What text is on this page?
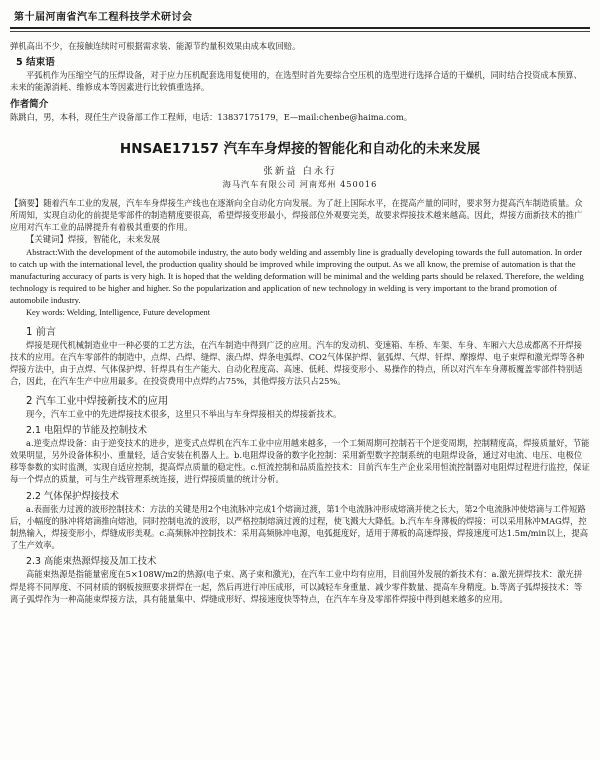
第十届河南省汽车工程科技学术研讨会

弹机高出不少，在接触连续时可根据需求装、能源节约量积效果由成本收回赔。

5 结束语

平弧机作为压缩空气的压焊设备，对于应力压机配套选用复使用的，在选型时首先要综合空压机的选型进行选择合适的干燥机，同时结合投资成本预算、未来的能源消耗、维修成本等因素进行比较慎重选择。

作者简介

陈跳白，男，本科，现任生产设备部工作工程师，电话：13837175179，E—mail:chenbe@haima.com。

HNSAE17157 汽车车身焊接的智能化和自动化的未来发展
张新益 白永行
海马汽车有限公司 河南郑州 450016

【摘要】随着汽车工业的发展，汽车车身焊接生产线也在逐渐向全自动化方向发展。为了赶上国际水平，在提高产量的同时，要求努力提高汽车制造质量。众所周知，实现自动化的前提是零部件的制造精度要很高，希望焊接变形最小，焊接部位外观要完美，故要求焊接技术越来越高。因此，焊接方面新技术的推广应用对汽车工业的品牌提升有着极其重要的作用。

【关键词】焊接，智能化，未来发展

Abstract:With the development of the automobile industry, the auto body welding and assembly line is gradually developing towards the full automation. In order to catch up with the international level, the production quality should be improved while improving the output. As we all know, the premise of automation is that the manufacturing accuracy of parts is very high. It is hoped that the welding deformation will be minimal and the welding parts should be relaxed. Therefore, the welding technology is required to be higher and higher. So the popularization and application of new technology in welding is very important to the brand promotion of automobile industry.

Key words: Welding, Intelligence, Future development

1 前言

焊接是现代机械制造业中一种必要的工艺方法，在汽车制造中得到广泛的应用。汽车的发动机、变速箱、车桥、车架、车身、车厢六大总成都离不开焊接技术的应用。在汽车零部件的制造中，点焊、凸焊、缝焊、滚凸焊、焊条电弧焊、CO2气体保护焊、氩弧焊、气焊、钎焊、摩擦焊、电子束焊和激光焊等各种焊接方法中，由于点焊、气体保护焊、钎焊具有生产能大、自动化程度高、高速、低耗、焊接变形小、易操作的特点，所以对汽车车身薄板覆盖零部件特别适合，因此，在汽车生产中应用最多。在投资费用中点焊约占75%，其他焊接方法只占25%。

2 汽车工业中焊接新技术的应用

现今，汽车工业中的先进焊接技术很多，这里只不举出与车身焊接相关的焊接新技术。

2.1 电阻焊的节能及控制技术

a.逆变点焊设备：由于逆变技术的进步，逆变式点焊机在汽车工业中应用越来越多，一个工频周期可控制若干个逆变周期，控制精度高，焊接质量好，节能效果明显，另外设备体积小、重量轻，适合安装在机器人上。b.电阻焊设备的数字化控制：采用新型数字控制系统的电阻焊设备，通过对电流、电压、电极位移等参数的实时监测，实现自适应控制，提高焊点质量的稳定性。c.恒流控制和品质监控技术：目前汽车生产企业采用恒流控制器对电阻焊过程进行监控，保证每一个焊点的质量，可与生产线管理系统连接，进行焊接质量的统计分析。

2.2 气体保护焊接技术

a.表面张力过渡的波形控制技术：方法的关键是用2个电流脉冲完成1个熔滴过渡，第1个电流脉冲形成熔滴并使之长大，第2个电流脉冲使熔滴与工件短路后，小幅度的脉冲将熔滴推向熔池，同时控制电流的波形，以严格控制熔滴过渡的过程，使飞溅大大降低。b.汽车车身薄板的焊接：可以采用脉冲MAG焊，控制热输入，焊接变形小，焊缝成形美观。c.高频脉冲控制技术：采用高频脉冲电源，电弧挺度好，适用于薄板的高速焊接，焊接速度可达1.5m/min以上，提高了生产效率。

2.3 高能束热源焊接及加工技术

高能束热源是指能量密度在5×108W/m2的热源(电子束、离子束和激光)，在汽车工业中均有应用，目前国外发展的新技术有：a.激光拼焊技术：激光拼焊是将不同厚度、不同材质的钢板按照要求拼焊在一起，然后再进行冲压成形，可以减轻车身重量、减少零件数量、提高车身精度。b.等离子弧焊接技术：等离子弧焊作为一种高能束焊接方法，具有能量集中、焊缝成形好、焊接速度快等特点，在汽车车身及零部件焊接中得到越来越多的应用。
